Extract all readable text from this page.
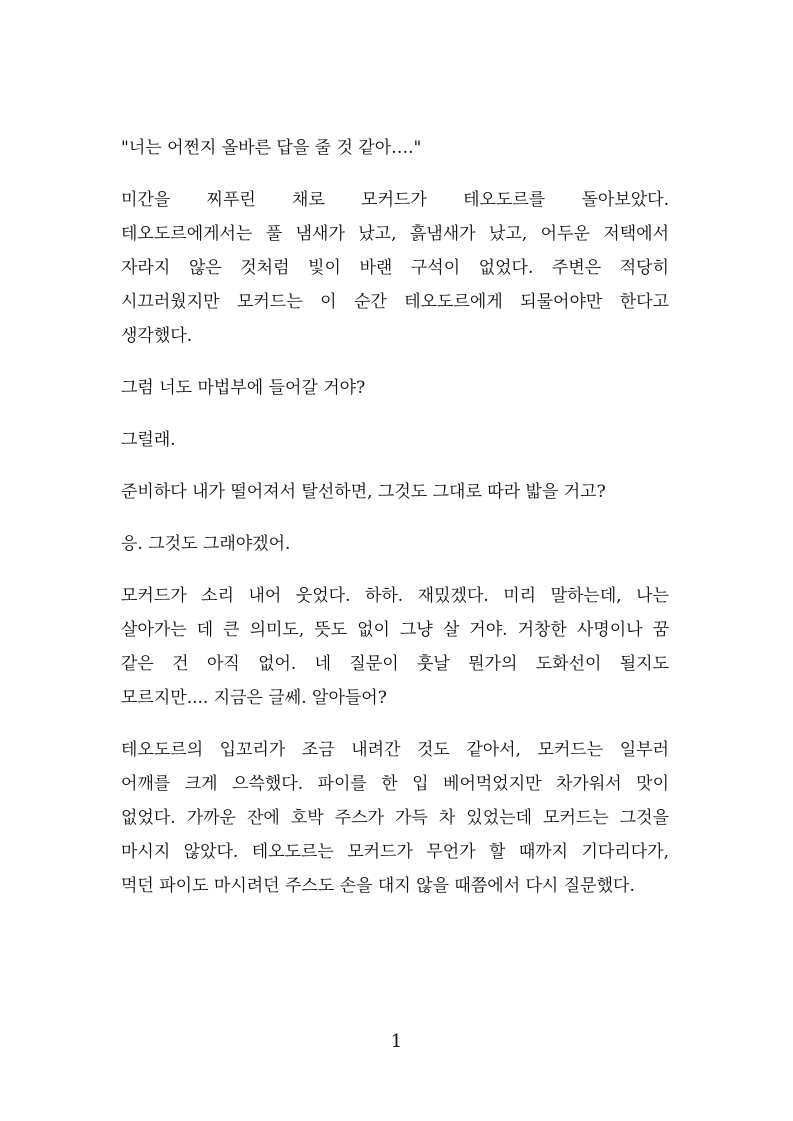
"너는 어쩐지 올바른 답을 줄 것 같아…."

미간을 찌푸린 채로 모커드가 테오도르를 돌아보았다.
테오도르에게서는 풀 냄새가 났고, 흙냄새가 났고, 어두운 저택에서
자라지 않은 것처럼 빛이 바랜 구석이 없었다. 주변은 적당히
시끄러웠지만 모커드는 이 순간 테오도르에게 되물어야만 한다고
생각했다.

그럼 너도 마법부에 들어갈 거야?

그럴래.

준비하다 내가 떨어져서 탈선하면, 그것도 그대로 따라 밟을 거고?

응. 그것도 그래야겠어.

모커드가 소리 내어 웃었다. 하하. 재밌겠다. 미리 말하는데, 나는
살아가는 데 큰 의미도, 뜻도 없이 그냥 살 거야. 거창한 사명이나 꿈
같은 건 아직 없어. 네 질문이 훗날 뭔가의 도화선이 될지도
모르지만.... 지금은 글쎄. 알아들어?

테오도르의 입꼬리가 조금 내려간 것도 같아서, 모커드는 일부러
어깨를 크게 으쓱했다. 파이를 한 입 베어먹었지만 차가워서 맛이
없었다. 가까운 잔에 호박 주스가 가득 차 있었는데 모커드는 그것을
마시지 않았다. 테오도르는 모커드가 무언가 할 때까지 기다리다가,
먹던 파이도 마시려던 주스도 손을 대지 않을 때쯤에서 다시 질문했다.

1
